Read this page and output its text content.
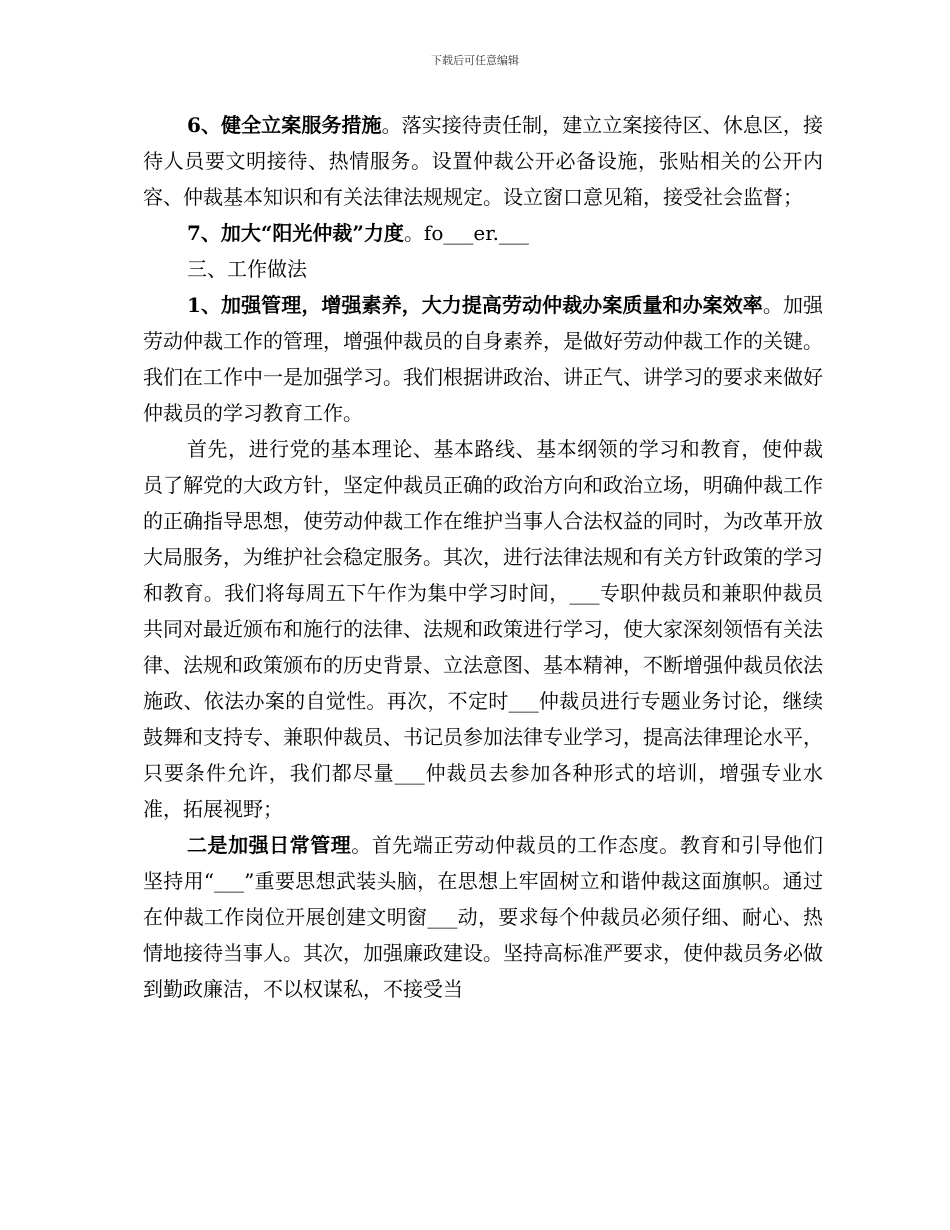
下载后可任意编辑

6、健全立案服务措施。落实接待责任制，建立立案接待区、休息区，接待人员要文明接待、热情服务。设置仲裁公开必备设施，张贴相关的公开内容、仲裁基本知识和有关法律法规规定。设立窗口意见箱，接受社会监督；

7、加大“阳光仲裁”力度。fo___er.___

三、工作做法

1、加强管理，增强素养，大力提高劳动仲裁办案质量和办案效率。加强劳动仲裁工作的管理，增强仲裁员的自身素养，是做好劳动仲裁工作的关键。我们在工作中一是加强学习。我们根据讲政治、讲正气、讲学习的要求来做好仲裁员的学习教育工作。

首先，进行党的基本理论、基本路线、基本纲领的学习和教育，使仲裁员了解党的大政方针，坚定仲裁员正确的政治方向和政治立场，明确仲裁工作的正确指导思想，使劳动仲裁工作在维护当事人合法权益的同时，为改革开放大局服务，为维护社会稳定服务。其次，进行法律法规和有关方针政策的学习和教育。我们将每周五下午作为集中学习时间，___专职仲裁员和兼职仲裁员共同对最近颁布和施行的法律、法规和政策进行学习，使大家深刻领悟有关法律、法规和政策颁布的历史背景、立法意图、基本精神，不断增强仲裁员依法施政、依法办案的自觉性。再次，不定时___仲裁员进行专题业务讨论，继续鼓舞和支持专、兼职仲裁员、书记员参加法律专业学习，提高法律理论水平，只要条件允许，我们都尽量___仲裁员去参加各种形式的培训，增强专业水准，拓展视野；

二是加强日常管理。首先端正劳动仲裁员的工作态度。教育和引导他们坚持用“___”重要思想武装头脑，在思想上牢固树立和谐仲裁这面旗帜。通过在仲裁工作岗位开展创建文明窗___动，要求每个仲裁员必须仔细、耐心、热情地接待当事人。其次，加强廉政建设。坚持高标准严要求，使仲裁员务必做到勤政廉洁，不以权谋私，不接受当
